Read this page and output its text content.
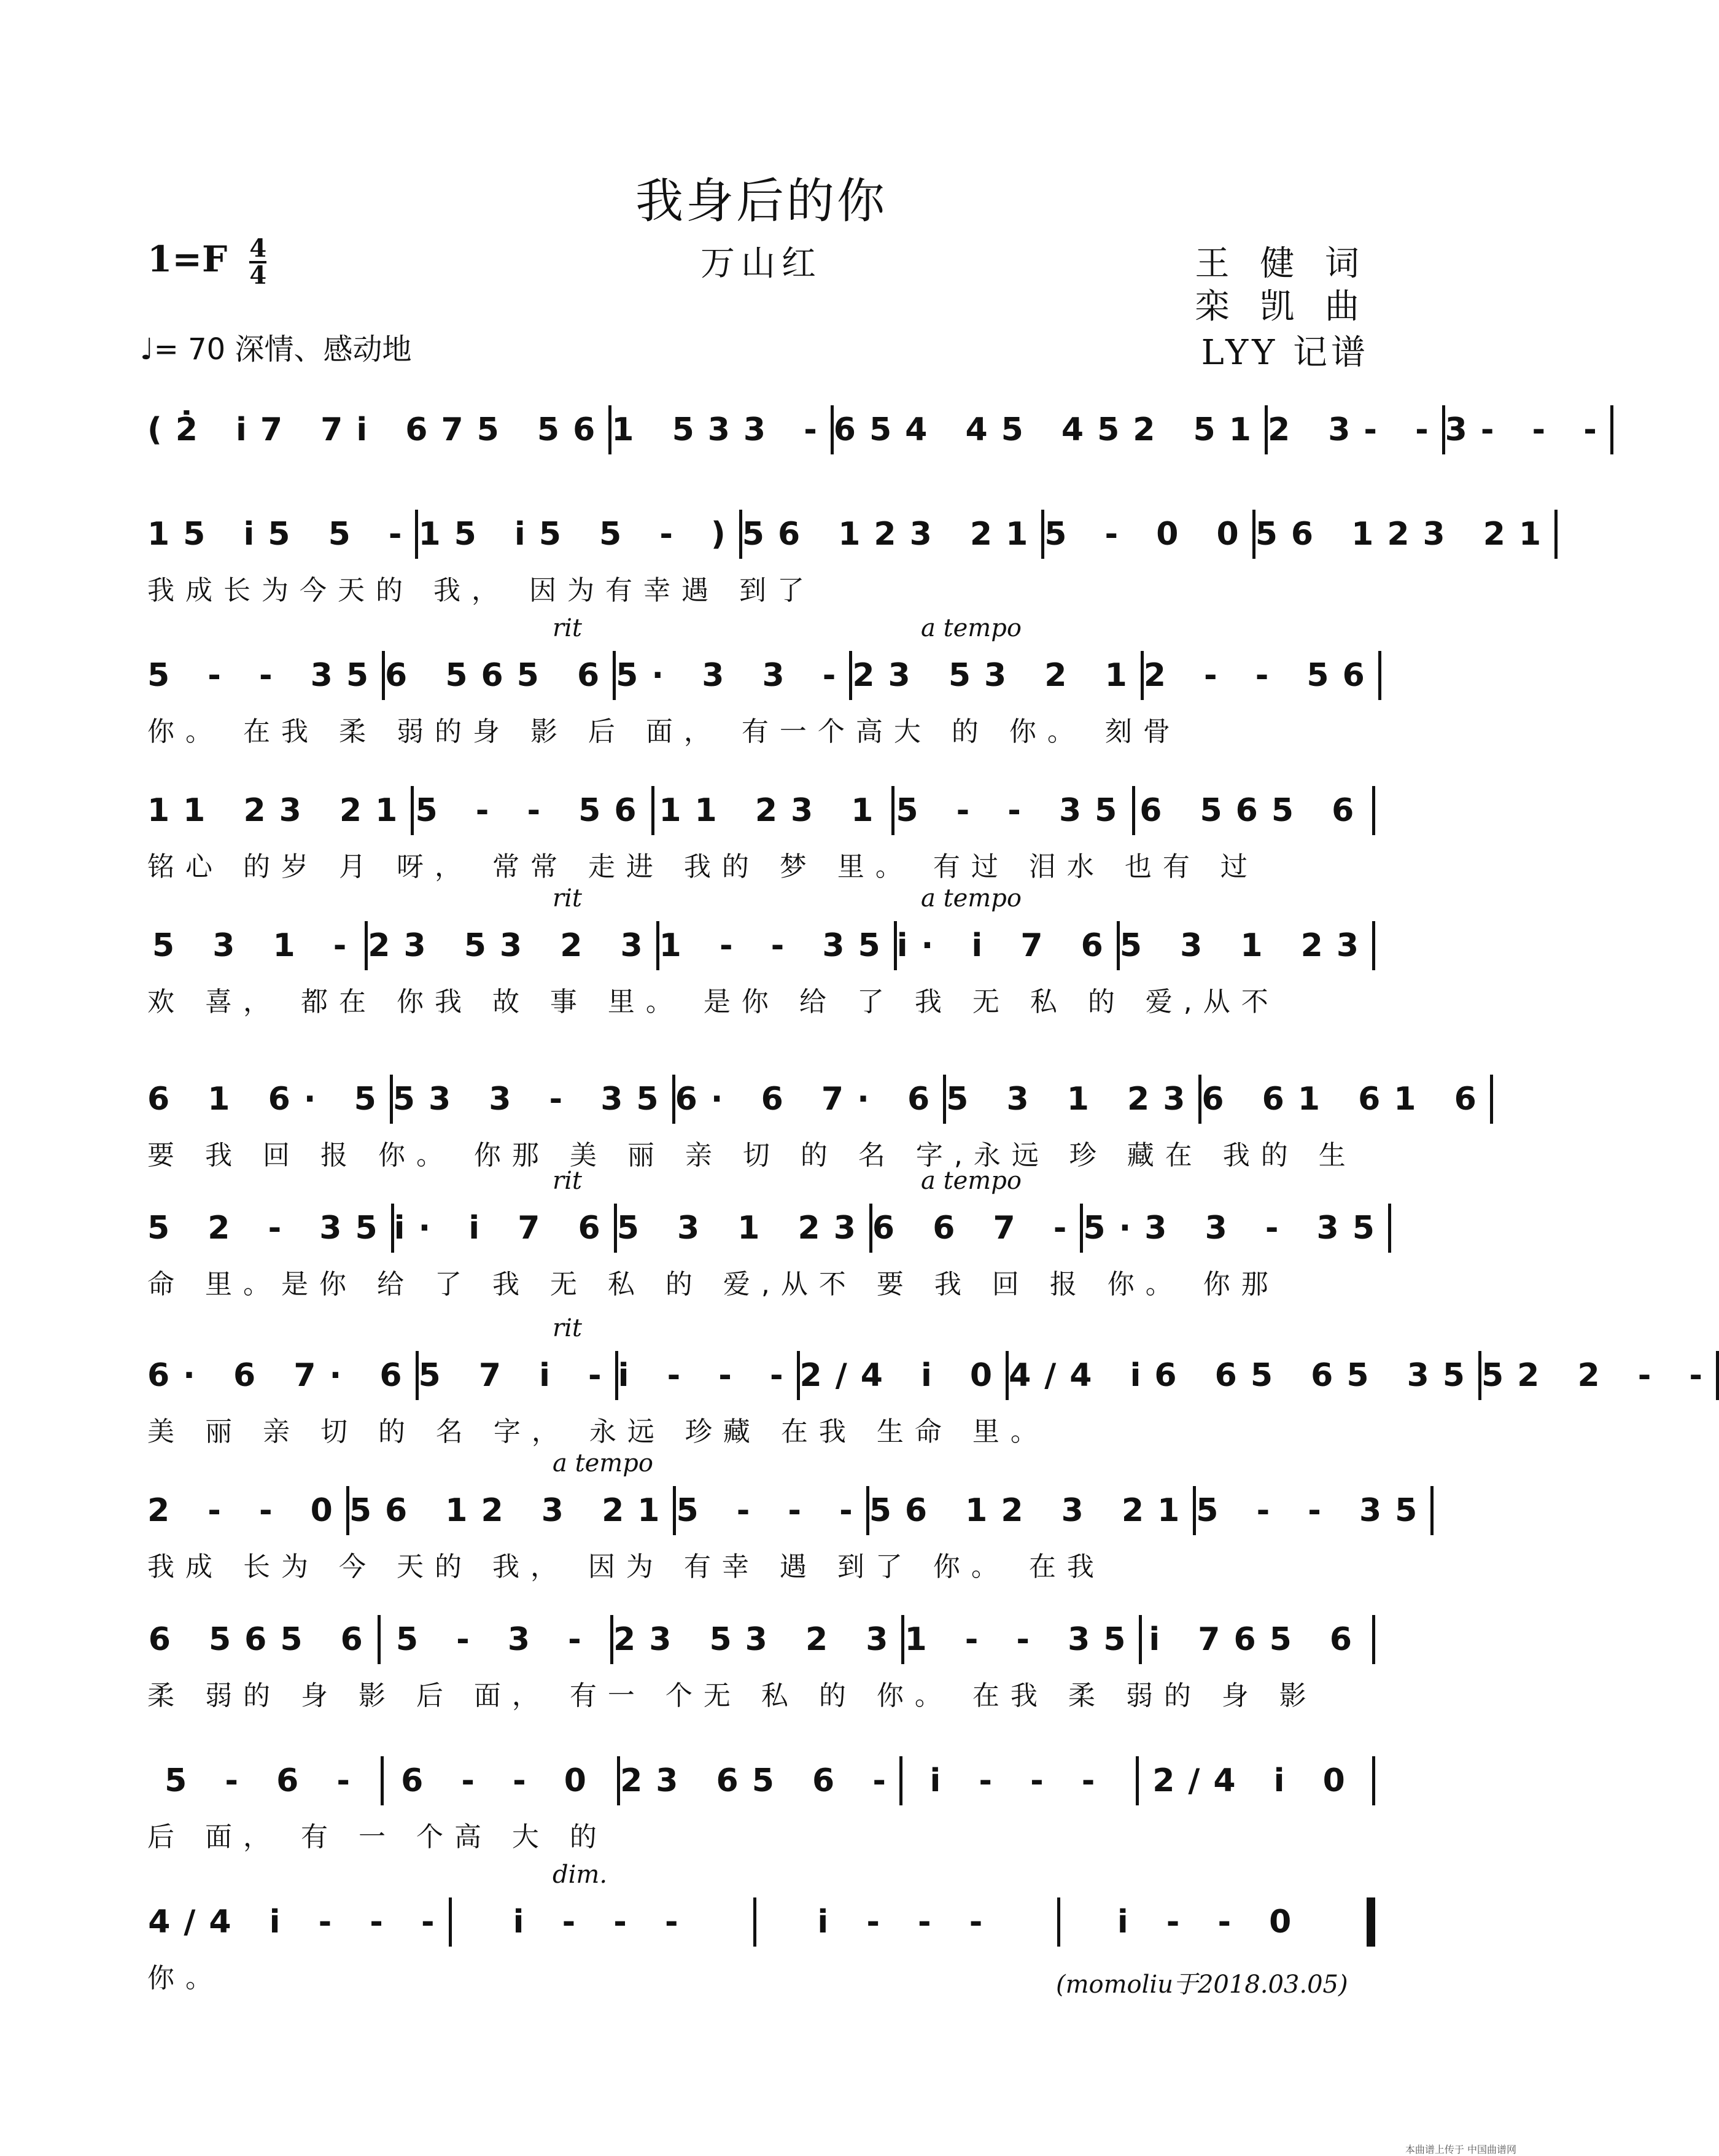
我身后的你
万山红
$1=F \frac{4}{4}$
♩= 70 深情、感动地
王 健 词
栾 凯 曲
LYY 记谱
(2̇ i̇7 7i̇ 675 56 1 533 - 654 45 452 51 2 3- - 3- - -
15 i̇5 5 - 15 i̇5 5 - ) 56 123 21 5 - 0 0 56 123 21
我成长为今天的 我， 因为有幸遇 到了
rit	a tempo
5 - - 35 6 565 6 5· 3 3 - 23 53 2 1 2 - - 56
你。 在我 柔 弱的身 影 后 面， 有一个高大 的 你。 刻骨
11 23 21 5 - - 56 11 23 1 5 - - 35 6 565 6
铭心 的岁 月 呀， 常常 走进 我的 梦 里。 有过 泪水 也有 过
rit	a tempo
5 3 1 - 23 53 2 3 1 - - 35 i̇· i̇ 7 6 5 3 1 23
欢 喜， 都在 你我 故 事 里。 是你 给 了 我 无 私 的 爱,从不
6 1 6· 5 53 3 - 35 6· 6 7· 6 5 3 1 23 6 61 61 6
要 我 回 报 你。 你那 美 丽 亲 切 的 名 字,永远 珍 藏在 我的 生
rit	a tempo
5 2 - 35 i̇· i̇ 7 6 5 3 1 23 6 6 7 - 5·3 3 - 35
命 里。是你 给 了 我 无 私 的 爱,从不 要 我 回 报 你。 你那
rit
6· 6 7· 6 5 7 i̇ - i̇ - - - 2/4 i̇ 0 4/4 i̇6 65 65 35 52 2 - -
美 丽 亲 切 的 名 字， 永远 珍藏 在我 生命 里。
a tempo
2 - - 0 56 12 3 21 5 - - - 56 12 3 21 5 - - 35
我成 长为 今 天的 我， 因为 有幸 遇 到了 你。 在我
6 565 6 5 - 3 - 23 53 2 3 1 - - 35 i̇ 765 6
柔 弱的 身 影 后 面， 有一 个无 私 的 你。 在我 柔 弱的 身 影
5 - 6 -	6 - - 0 23 65 6 - i̇ - - -	2/4 i̇ 0
后 面， 有 一 个高 大 的
dim.
4/4 i̇ - - -	i̇ - - -	i̇ - - -	i̇ - - 0
你。	(momoliu于2018.03.05)
本曲谱上传于 中国曲谱网
